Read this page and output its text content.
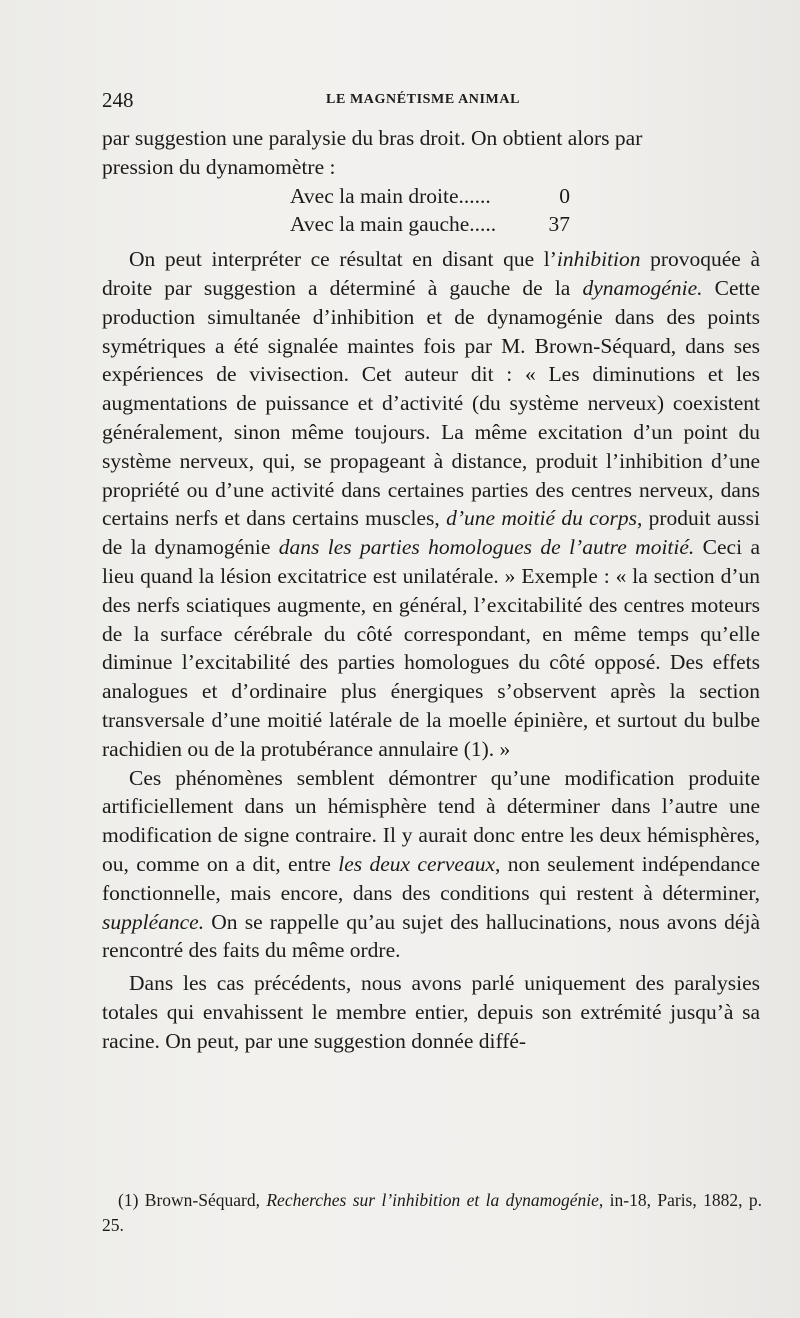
248	LE MAGNÉTISME ANIMAL

par suggestion une paralysie du bras droit. On obtient alors par

pression du dynamomètre :

Avec la main droite......	0
Avec la main gauche..... 37

On peut interpréter ce résultat en disant que l’inhibition provoquée à droite par suggestion a déterminé à gauche de la dynamogénie. Cette production simultanée d’inhibition et de dynamogénie dans des points symétriques a été signalée maintes fois par M. Brown-Séquard, dans ses expériences de vivisection. Cet auteur dit : « Les diminutions et les augmentations de puissance et d’activité (du système nerveux) coexistent généralement, sinon même toujours. La même excitation d’un point du système nerveux, qui, se propageant à distance, produit l’inhibition d’une propriété ou d’une activité dans certaines parties des centres nerveux, dans certains nerfs et dans certains muscles, d’une moitié du corps, produit aussi de la dynamogénie dans les parties homologues de l’autre moitié. Ceci a lieu quand la lésion excitatrice est unilatérale. » Exemple : « la section d’un des nerfs sciatiques augmente, en général, l’excitabilité des centres moteurs de la surface cérébrale du côté correspondant, en même temps qu’elle diminue l’excitabilité des parties homologues du côté opposé. Des effets analogues et d’ordinaire plus énergiques s’observent après la section transversale d’une moitié latérale de la moelle épinière, et surtout du bulbe rachidien ou de la protubérance annulaire (1). »

Ces phénomènes semblent démontrer qu’une modification produite artificiellement dans un hémisphère tend à déterminer dans l’autre une modification de signe contraire. Il y aurait donc entre les deux hémisphères, ou, comme on a dit, entre les deux cerveaux, non seulement indépendance fonctionnelle, mais encore, dans des conditions qui restent à déterminer, suppléance. On se rappelle qu’au sujet des hallucinations, nous avons déjà rencontré des faits du même ordre.

Dans les cas précédents, nous avons parlé uniquement des paralysies totales qui envahissent le membre entier, depuis son extrémité jusqu’à sa racine. On peut, par une suggestion donnée diffé-

(1) Brown-Séquard, Recherches sur l’inhibition et la dynamogénie, in-18, Paris, 1882, p. 25.
